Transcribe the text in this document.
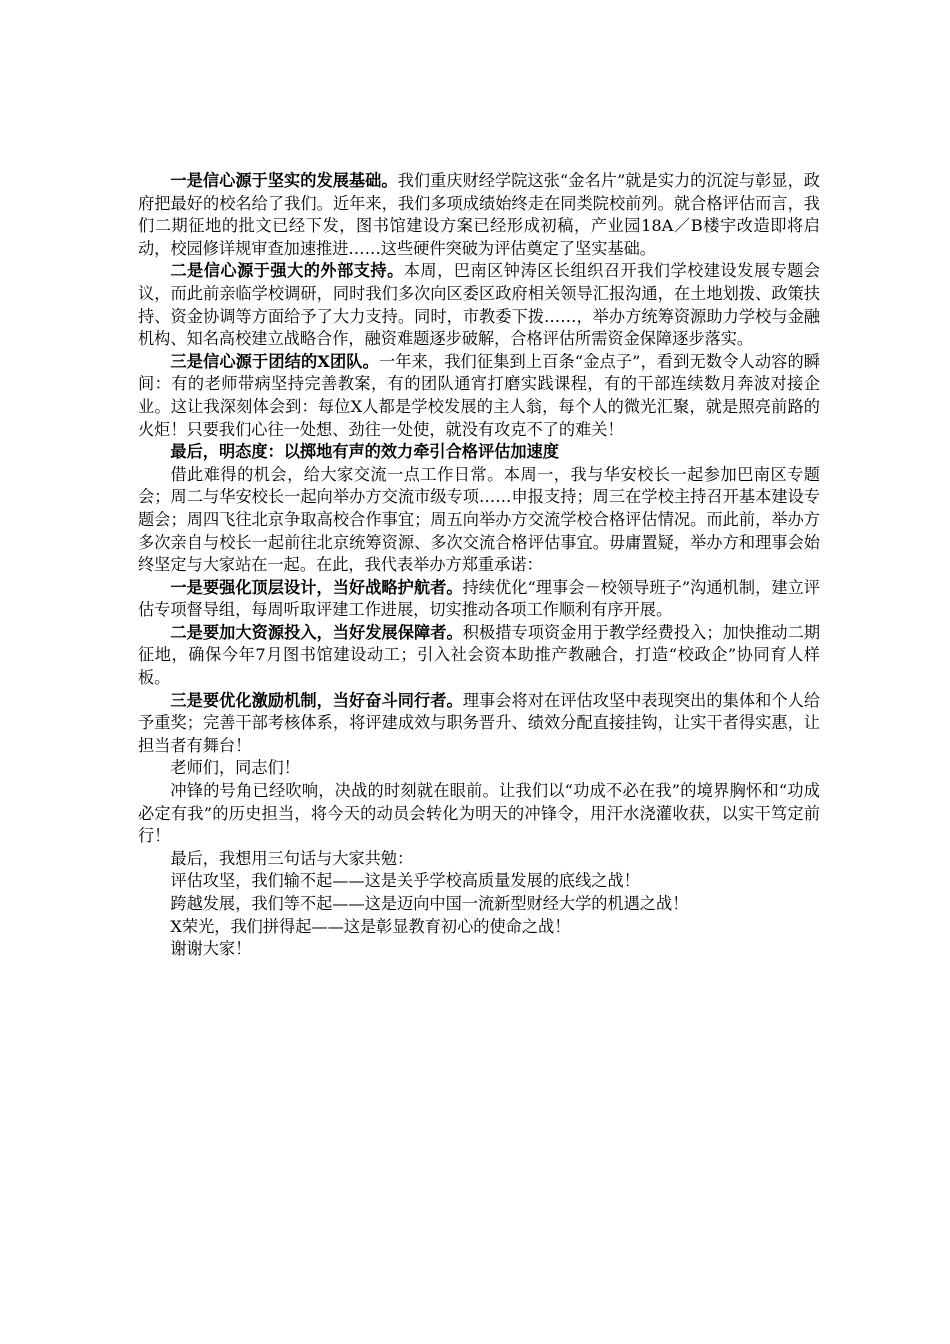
一是信心源于坚实的发展基础。我们重庆财经学院这张“金名片”就是实力的沉淀与彰显，政府把最好的校名给了我们。近年来，我们多项成绩始终走在同类院校前列。就合格评估而言，我们二期征地的批文已经下发，图书馆建设方案已经形成初稿，产业园18A／B楼宇改造即将启动，校园修详规审查加速推进……这些硬件突破为评估奠定了坚实基础。

二是信心源于强大的外部支持。本周，巴南区钟涛区长组织召开我们学校建设发展专题会议，而此前亲临学校调研，同时我们多次向区委区政府相关领导汇报沟通，在土地划拨、政策扶持、资金协调等方面给予了大力支持。同时，市教委下拨……，举办方统筹资源助力学校与金融机构、知名高校建立战略合作，融资难题逐步破解，合格评估所需资金保障逐步落实。

三是信心源于团结的X团队。一年来，我们征集到上百条“金点子”，看到无数令人动容的瞬间：有的老师带病坚持完善教案，有的团队通宵打磨实践课程，有的干部连续数月奔波对接企业。这让我深刻体会到：每位X人都是学校发展的主人翁，每个人的微光汇聚，就是照亮前路的火炬！只要我们心往一处想、劲往一处使，就没有攻克不了的难关！

最后，明态度：以掷地有声的效力牵引合格评估加速度

借此难得的机会，给大家交流一点工作日常。本周一，我与华安校长一起参加巴南区专题会；周二与华安校长一起向举办方交流市级专项……申报支持；周三在学校主持召开基本建设专题会；周四飞往北京争取高校合作事宜；周五向举办方交流学校合格评估情况。而此前，举办方多次亲自与校长一起前往北京统筹资源、多次交流合格评估事宜。毋庸置疑，举办方和理事会始终坚定与大家站在一起。在此，我代表举办方郑重承诺：

一是要强化顶层设计，当好战略护航者。持续优化“理事会－校领导班子”沟通机制，建立评估专项督导组，每周听取评建工作进展，切实推动各项工作顺利有序开展。

二是要加大资源投入，当好发展保障者。积极措专项资金用于教学经费投入；加快推动二期征地，确保今年7月图书馆建设动工；引入社会资本助推产教融合，打造“校政企”协同育人样板。

三是要优化激励机制，当好奋斗同行者。理事会将对在评估攻坚中表现突出的集体和个人给予重奖；完善干部考核体系，将评建成效与职务晋升、绩效分配直接挂钩，让实干者得实惠，让担当者有舞台！

老师们，同志们！

冲锋的号角已经吹响，决战的时刻就在眼前。让我们以“功成不必在我”的境界胸怀和“功成必定有我”的历史担当，将今天的动员会转化为明天的冲锋令，用汗水浇灌收获，以实干笃定前行！

最后，我想用三句话与大家共勉：

评估攻坚，我们输不起——这是关乎学校高质量发展的底线之战！

跨越发展，我们等不起——这是迈向中国一流新型财经大学的机遇之战！

X荣光，我们拼得起——这是彰显教育初心的使命之战！

谢谢大家！
